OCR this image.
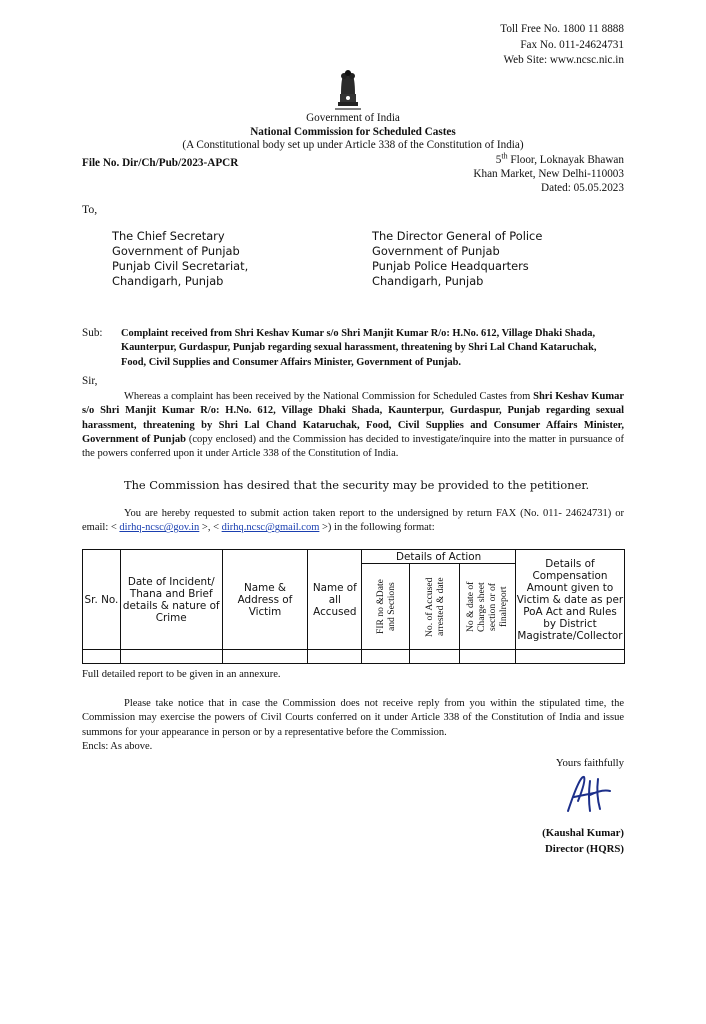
Toll Free No. 1800 11 8888
Fax No. 011-24624731
Web Site: www.ncsc.nic.in
Government of India
National Commission for Scheduled Castes
(A Constitutional body set up under Article 338 of the Constitution of India)
File No. Dir/Ch/Pub/2023-APCR	5th Floor, Loknayak Bhawan
Khan Market, New Delhi-110003
Dated: 05.05.2023
To,
The Chief Secretary
Government of Punjab
Punjab Civil Secretariat,
Chandigarh, Punjab
The Director General of Police
Government of Punjab
Punjab Police Headquarters
Chandigarh, Punjab
Sub: Complaint received from Shri Keshav Kumar s/o Shri Manjit Kumar R/o: H.No. 612, Village Dhaki Shada, Kaunterpur, Gurdaspur, Punjab regarding sexual harassment, threatening by Shri Lal Chand Kataruchak, Food, Civil Supplies and Consumer Affairs Minister, Government of Punjab.
Sir,
Whereas a complaint has been received by the National Commission for Scheduled Castes from Shri Keshav Kumar s/o Shri Manjit Kumar R/o: H.No. 612, Village Dhaki Shada, Kaunterpur, Gurdaspur, Punjab regarding sexual harassment, threatening by Shri Lal Chand Kataruchak, Food, Civil Supplies and Consumer Affairs Minister, Government of Punjab (copy enclosed) and the Commission has decided to investigate/inquire into the matter in pursuance of the powers conferred upon it under Article 338 of the Constitution of India.
The Commission has desired that the security may be provided to the petitioner.
You are hereby requested to submit action taken report to the undersigned by return FAX (No. 011- 24624731) or email: < dirhq-ncsc@gov.in >, < dirhq.ncsc@gmail.com >) in the following format:
Sr. No.	Date of Incident/ Thana and Brief details & nature of Crime	Name & Address of Victim	Name of all Accused	Details of Action			Details of Compensation Amount given to Victim & date as per PoA Act and Rules by District Magistrate/Collector

				FIR no &Date and Sections	No. of Accused arrested & date	No & date of Charge sheet section or of finalreport	

Full detailed report to be given in an annexure.
Please take notice that in case the Commission does not receive reply from you within the stipulated time, the Commission may exercise the powers of Civil Courts conferred on it under Article 338 of the Constitution of India and issue summons for your appearance in person or by a representative before the Commission.
Encls: As above.
Yours faithfully
(Kaushal Kumar)
Director (HQRS)
